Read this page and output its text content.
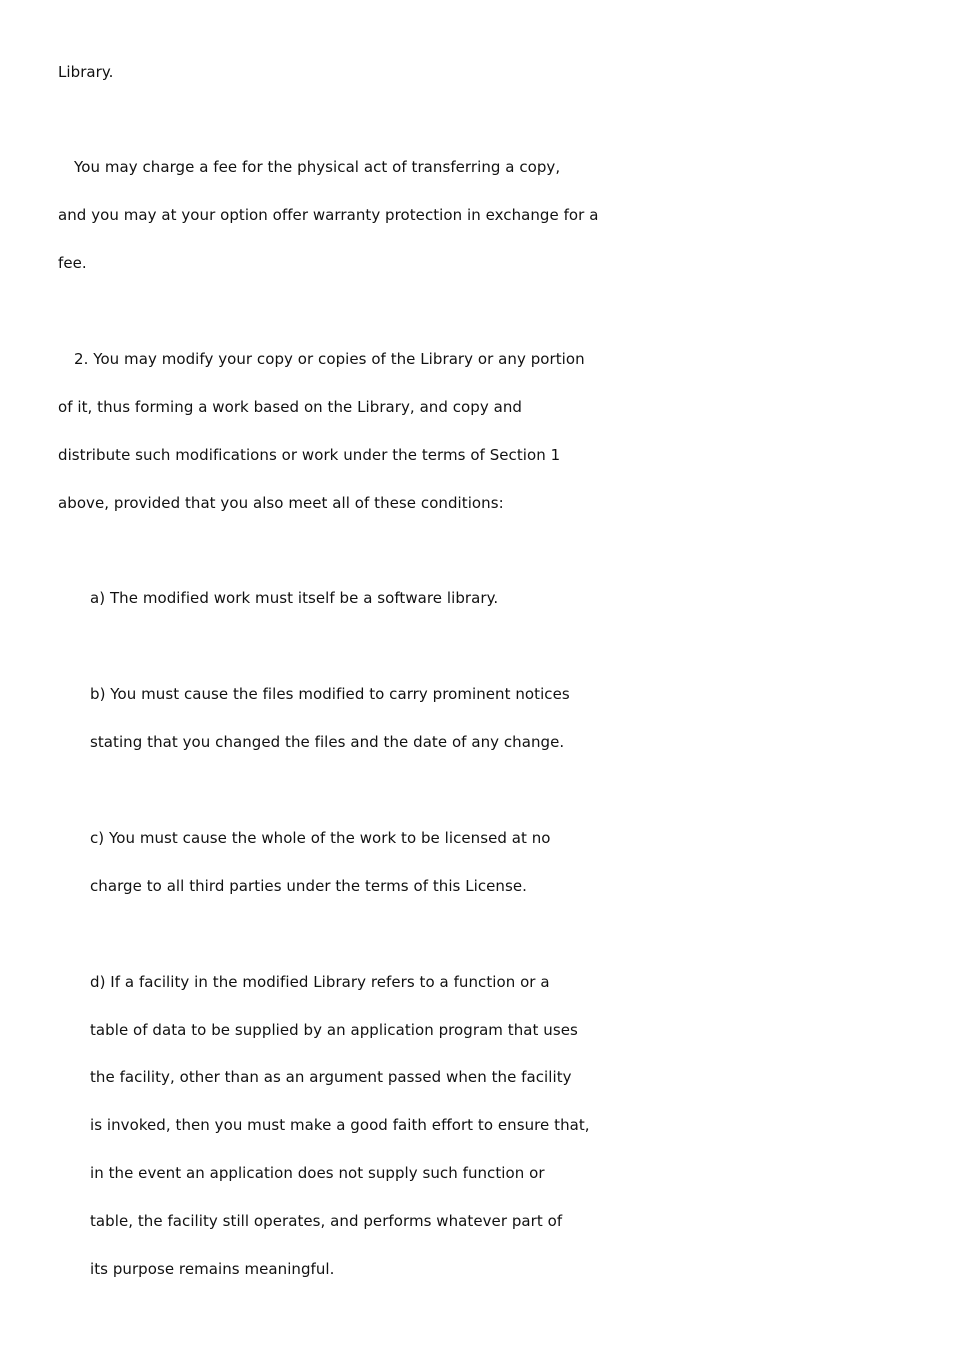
Library.
You may charge a fee for the physical act of transferring a copy,
and you may at your option offer warranty protection in exchange for a
fee.
2. You may modify your copy or copies of the Library or any portion
of it, thus forming a work based on the Library, and copy and
distribute such modifications or work under the terms of Section 1
above, provided that you also meet all of these conditions:
a) The modified work must itself be a software library.
b) You must cause the files modified to carry prominent notices
stating that you changed the files and the date of any change.
c) You must cause the whole of the work to be licensed at no
charge to all third parties under the terms of this License.
d) If a facility in the modified Library refers to a function or a
table of data to be supplied by an application program that uses
the facility, other than as an argument passed when the facility
is invoked, then you must make a good faith effort to ensure that,
in the event an application does not supply such function or
table, the facility still operates, and performs whatever part of
its purpose remains meaningful.
